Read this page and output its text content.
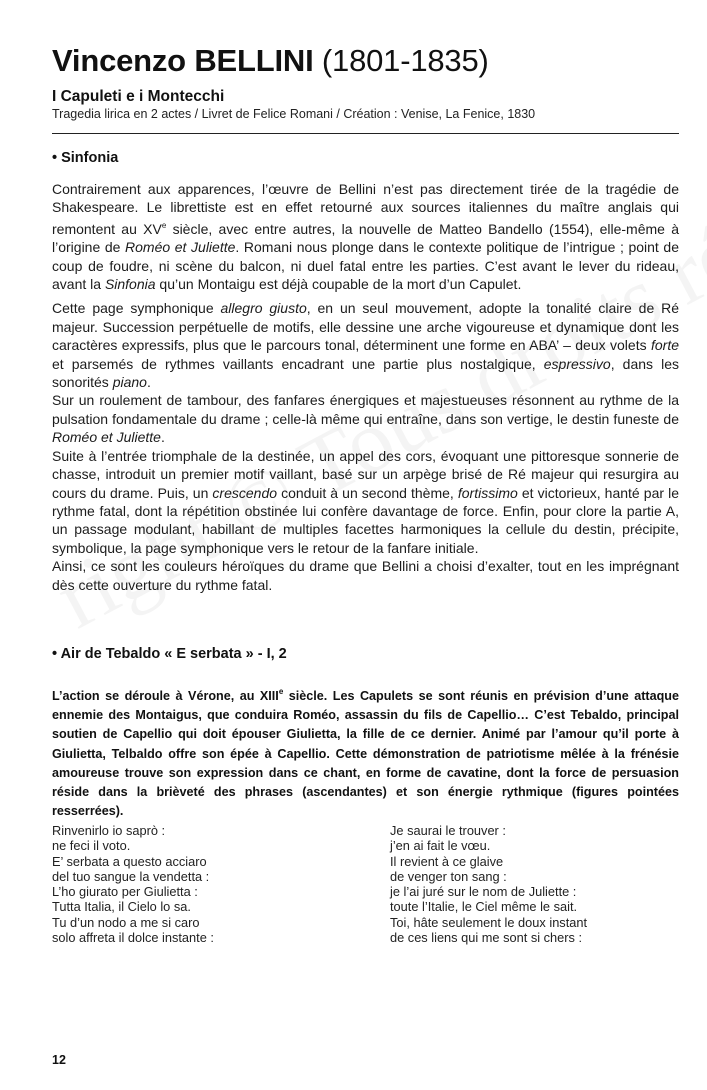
Vincenzo BELLINI (1801-1835)
I Capuleti e i Montecchi
Tragedia lirica en 2 actes / Livret de Felice Romani / Création : Venise, La Fenice, 1830
• Sinfonia

Contrairement aux apparences, l’œuvre de Bellini n’est pas directement tirée de la tragédie de Shakespeare. Le librettiste est en effet retourné aux sources italiennes du maître anglais qui remontent au XVe siècle, avec entre autres, la nouvelle de Matteo Bandello (1554), elle-même à l’origine de Roméo et Juliette. Romani nous plonge dans le contexte politique de l’intrigue ; point de coup de foudre, ni scène du balcon, ni duel fatal entre les parties. C’est avant le lever du rideau, avant la Sinfonia qu’un Montaigu est déjà coupable de la mort d’un Capulet.

Cette page symphonique allegro giusto, en un seul mouvement, adopte la tonalité claire de Ré majeur. Succession perpétuelle de motifs, elle dessine une arche vigoureuse et dynamique dont les caractères expressifs, plus que le parcours tonal, déterminent une forme en ABA’ – deux volets forte et parsemés de rythmes vaillants encadrant une partie plus nostalgique, espressivo, dans les sonorités piano.

Sur un roulement de tambour, des fanfares énergiques et majestueuses résonnent au rythme de la pulsation fondamentale du drame ; celle-là même qui entraîne, dans son vertige, le destin funeste de Roméo et Juliette.

Suite à l’entrée triomphale de la destinée, un appel des cors, évoquant une pittoresque sonnerie de chasse, introduit un premier motif vaillant, basé sur un arpège brisé de Ré majeur qui resurgira au cours du drame. Puis, un crescendo conduit à un second thème, fortissimo et victorieux, hanté par le rythme fatal, dont la répétition obstinée lui confère davantage de force. Enfin, pour clore la partie A, un passage modulant, habillant de multiples facettes harmoniques la cellule du destin, précipite, symbolique, la page symphonique vers le retour de la fanfare initiale.

Ainsi, ce sont les couleurs héroïques du drame que Bellini a choisi d’exalter, tout en les imprégnant dès cette ouverture du rythme fatal.

• Air de Tebaldo « E serbata » - I, 2
L’action se déroule à Vérone, au XIIIe siècle. Les Capulets se sont réunis en prévision d’une attaque ennemie des Montaigus, que conduira Roméo, assassin du fils de Capellio… C’est Tebaldo, principal soutien de Capellio qui doit épouser Giulietta, la fille de ce dernier. Animé par l’amour qu’il porte à Giulietta, Telbaldo offre son épée à Capellio. Cette démonstration de patriotisme mêlée à la frénésie amoureuse trouve son expression dans ce chant, en forme de cavatine, dont la force de persuasion réside dans la brièveté des phrases (ascendantes) et son énergie rythmique (figures pointées resserrées).
Rinvenirlo io saprò :
ne feci il voto.
E’ serbata a questo acciaro
del tuo sangue la vendetta :
L’ho giurato per Giulietta :
Tutta Italia, il Cielo lo sa.
Tu d’un nodo a me si caro
solo affreta il dolce instante :
Je saurai le trouver :
j’en ai fait le vœu.
Il revient à ce glaive
de venger ton sang :
je l’ai juré sur le nom de Juliette :
toute l’Italie, le Ciel même le sait.
Toi, hâte seulement le doux instant
de ces liens qui me sont si chers :
12
